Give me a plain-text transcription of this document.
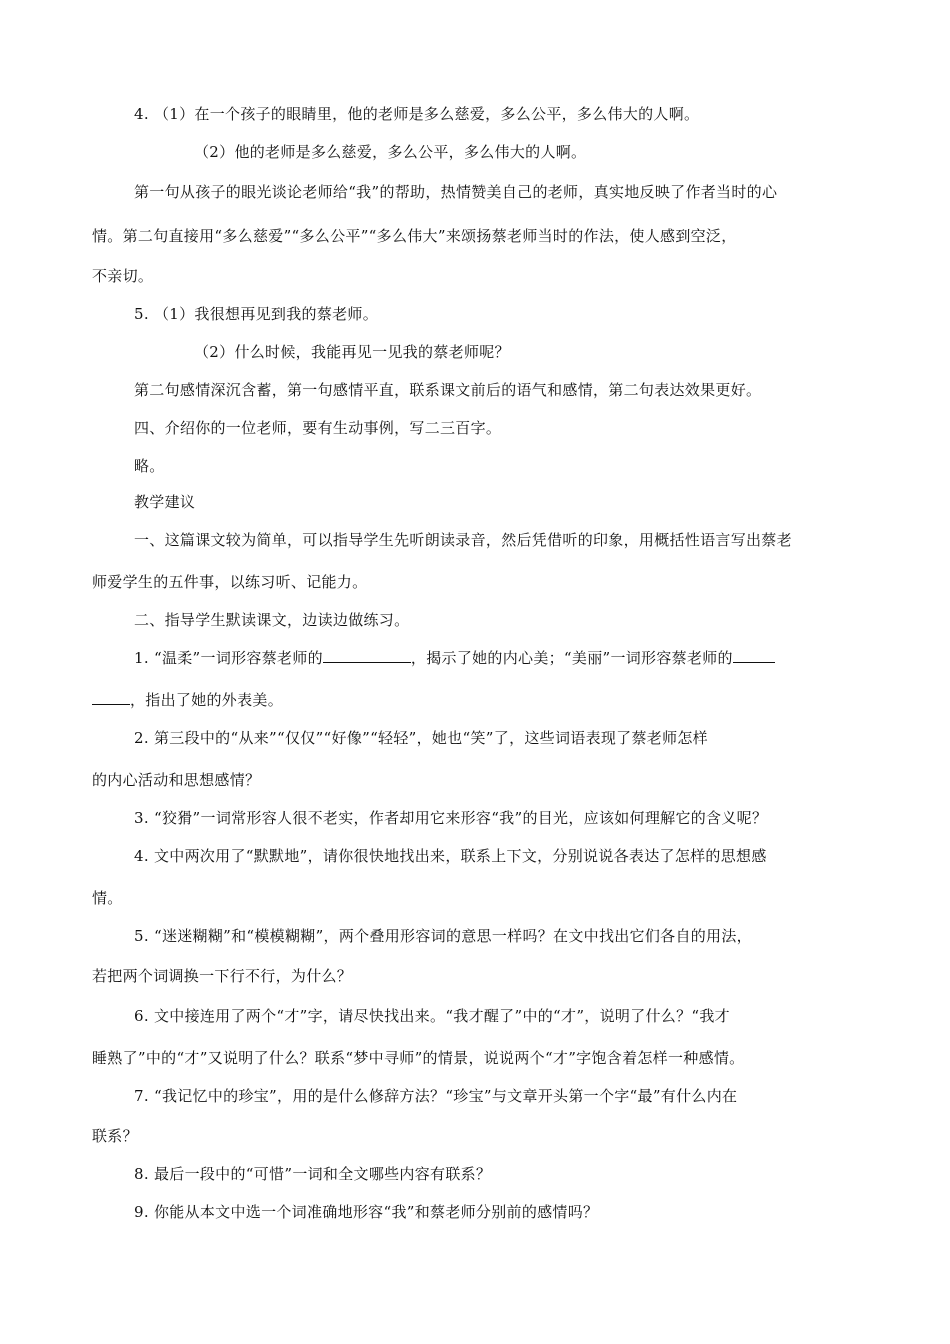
4. （1）在一个孩子的眼睛里，他的老师是多么慈爱，多么公平，多么伟大的人啊。
（2）他的老师是多么慈爱，多么公平，多么伟大的人啊。
第一句从孩子的眼光谈论老师给“我”的帮助，热情赞美自己的老师，真实地反映了作者当时的心
情。第二句直接用“多么慈爱”“多么公平”“多么伟大”来颂扬蔡老师当时的作法，使人感到空泛，
不亲切。
5. （1）我很想再见到我的蔡老师。
（2）什么时候，我能再见一见我的蔡老师呢？
第二句感情深沉含蓄，第一句感情平直，联系课文前后的语气和感情，第二句表达效果更好。
四、介绍你的一位老师，要有生动事例，写二三百字。
略。
教学建议
一、这篇课文较为简单，可以指导学生先听朗读录音，然后凭借听的印象，用概括性语言写出蔡老
师爱学生的五件事，以练习听、记能力。
二、指导学生默读课文，边读边做练习。
1. “温柔”一词形容蔡老师的	，揭示了她的内心美；“美丽”一词形容蔡老师的
，指出了她的外表美。
2. 第三段中的“从来”“仅仅”“好像”“轻轻”，她也“笑”了，这些词语表现了蔡老师怎样
的内心活动和思想感情？
3. “狡猾”一词常形容人很不老实，作者却用它来形容“我”的目光，应该如何理解它的含义呢？
4. 文中两次用了“默默地”，请你很快地找出来，联系上下文，分别说说各表达了怎样的思想感
情。
5. “迷迷糊糊”和“模模糊糊”，两个叠用形容词的意思一样吗？在文中找出它们各自的用法，
若把两个词调换一下行不行，为什么？
6. 文中接连用了两个“才”字，请尽快找出来。“我才醒了”中的“才”，说明了什么？“我才
睡熟了”中的“才”又说明了什么？联系“梦中寻师”的情景，说说两个“才”字饱含着怎样一种感情。
7. “我记忆中的珍宝”，用的是什么修辞方法？“珍宝”与文章开头第一个字“最”有什么内在
联系？
8. 最后一段中的“可惜”一词和全文哪些内容有联系？
9. 你能从本文中选一个词准确地形容“我”和蔡老师分别前的感情吗？
